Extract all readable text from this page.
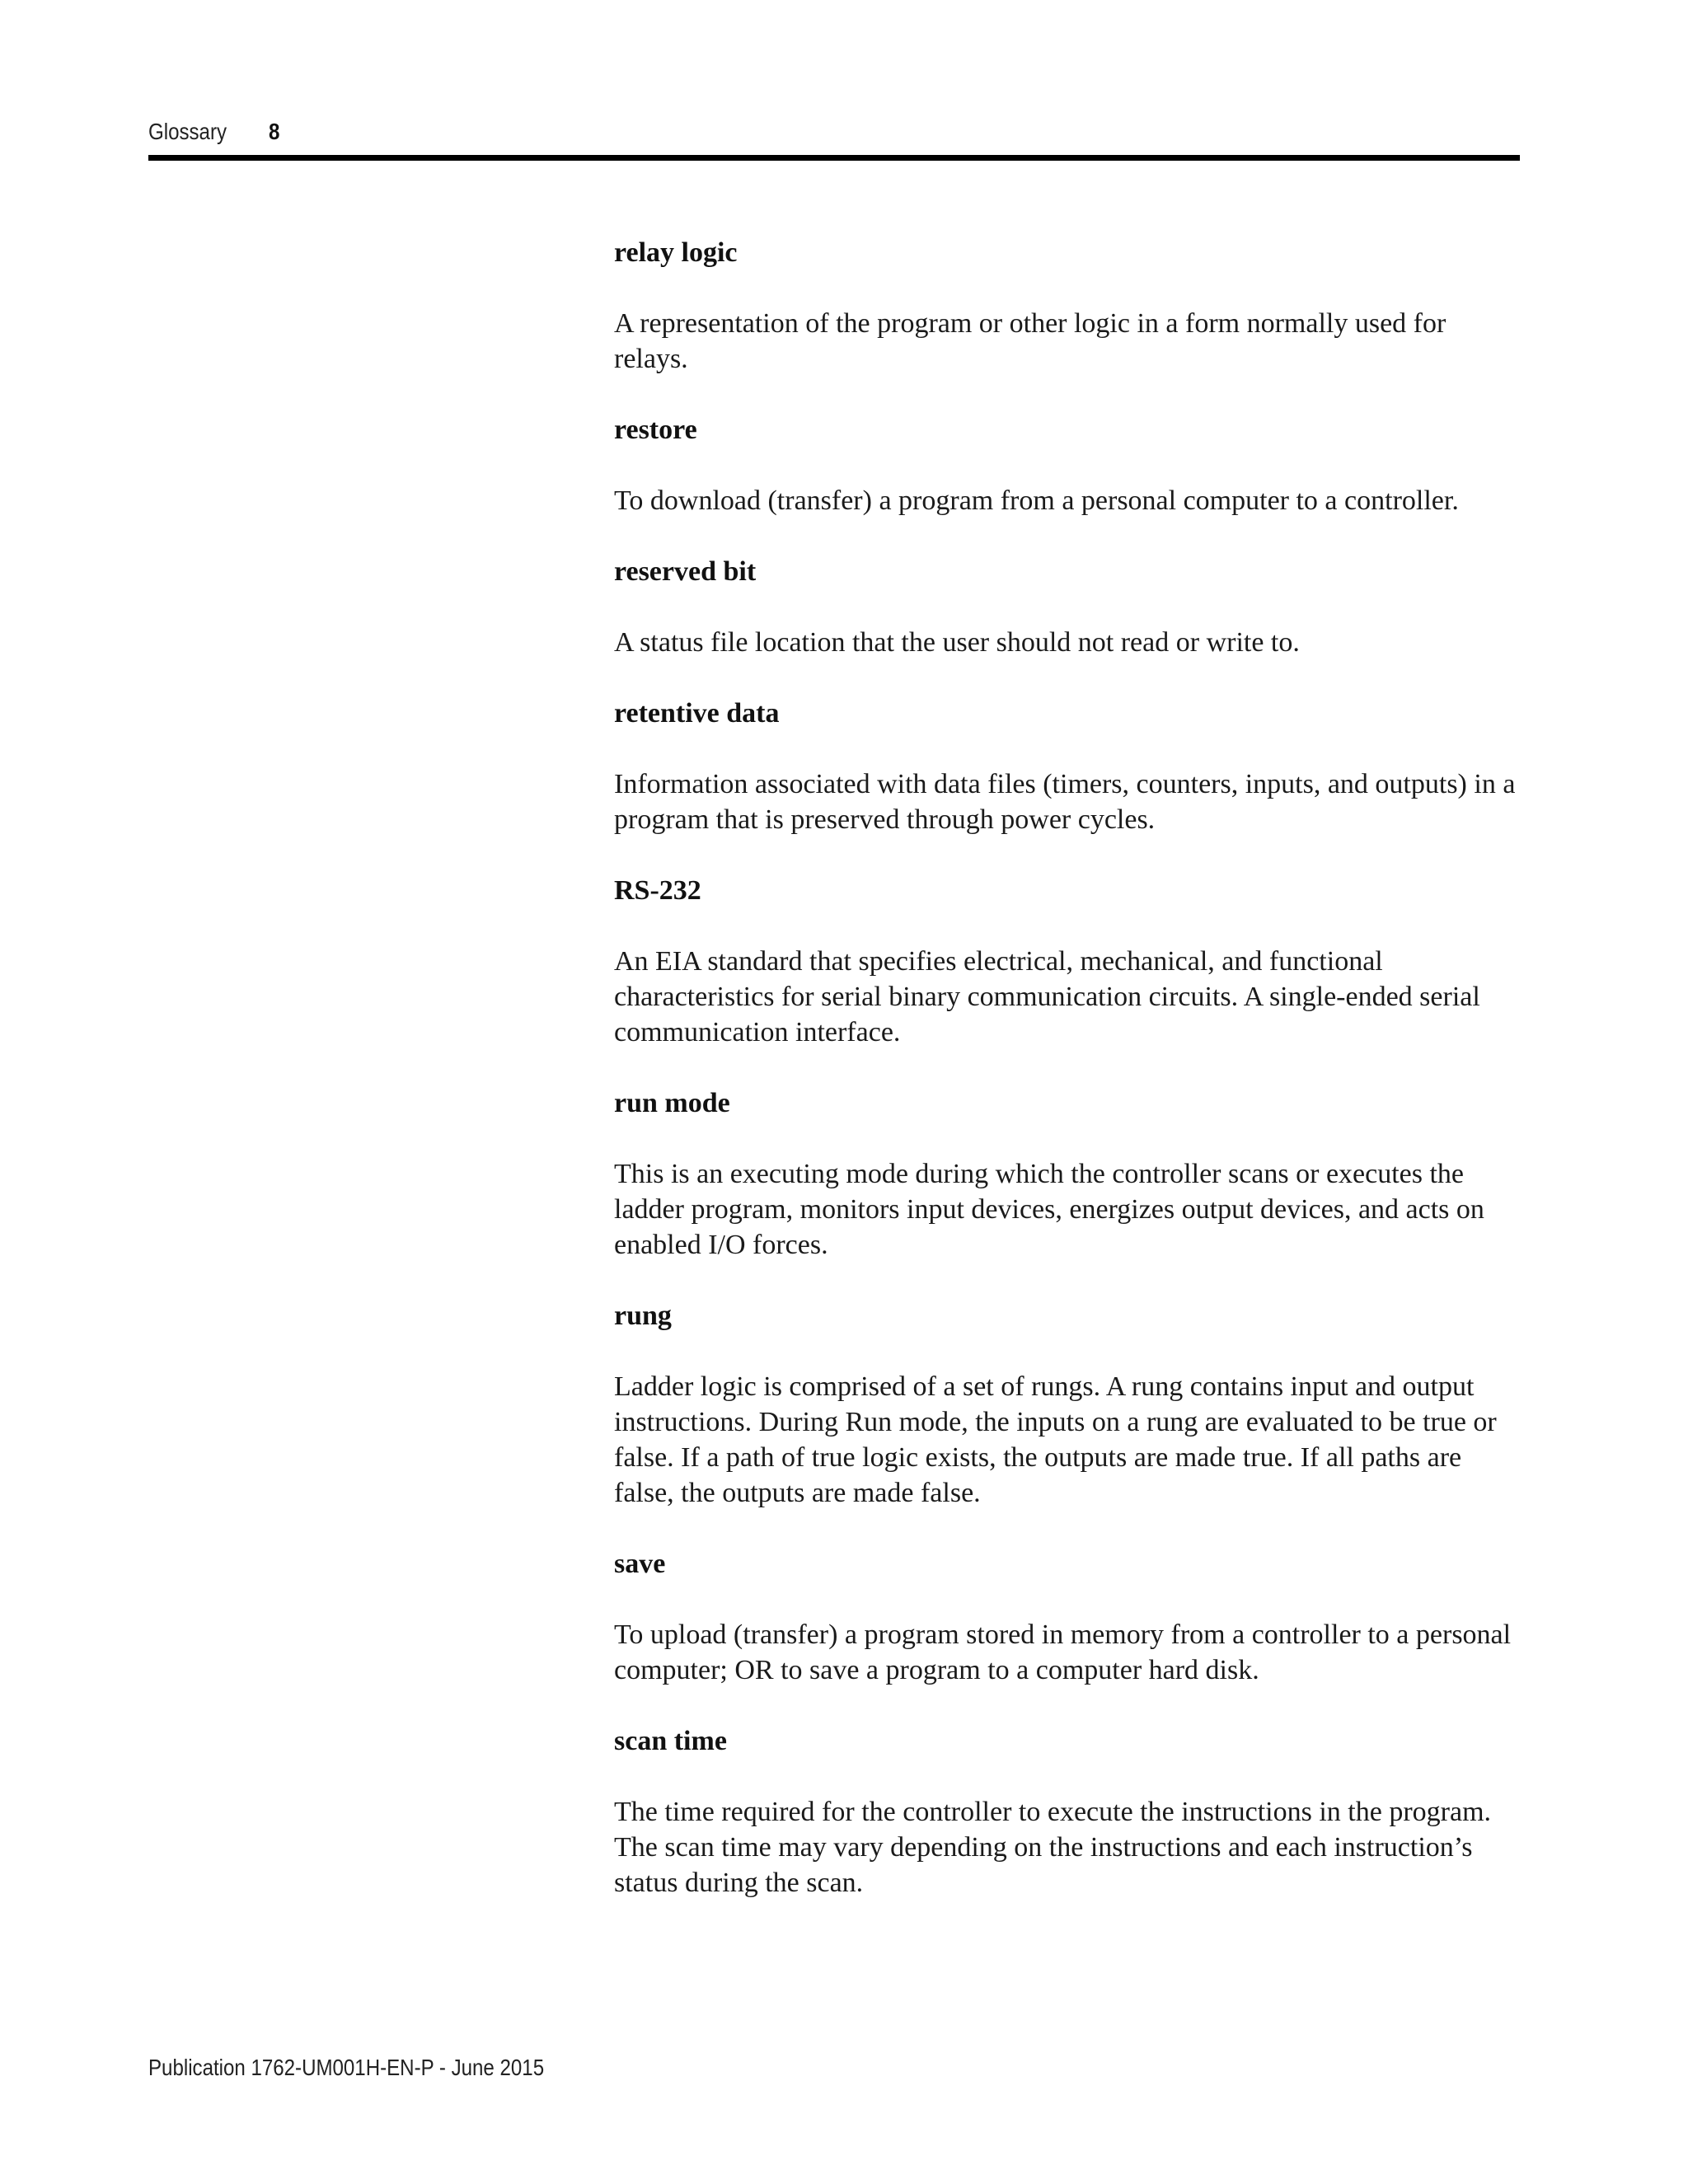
Glossary 8

relay logic

A representation of the program or other logic in a form normally used for relays.

restore

To download (transfer) a program from a personal computer to a controller.

reserved bit

A status file location that the user should not read or write to.

retentive data

Information associated with data files (timers, counters, inputs, and outputs) in a program that is preserved through power cycles.

RS-232

An EIA standard that specifies electrical, mechanical, and functional characteristics for serial binary communication circuits. A single-ended serial communication interface.

run mode

This is an executing mode during which the controller scans or executes the ladder program, monitors input devices, energizes output devices, and acts on enabled I/O forces.

rung

Ladder logic is comprised of a set of rungs. A rung contains input and output instructions. During Run mode, the inputs on a rung are evaluated to be true or false. If a path of true logic exists, the outputs are made true. If all paths are false, the outputs are made false.

save

To upload (transfer) a program stored in memory from a controller to a personal computer; OR to save a program to a computer hard disk.

scan time

The time required for the controller to execute the instructions in the program. The scan time may vary depending on the instructions and each instruction’s status during the scan.

Publication 1762-UM001H-EN-P - June 2015
